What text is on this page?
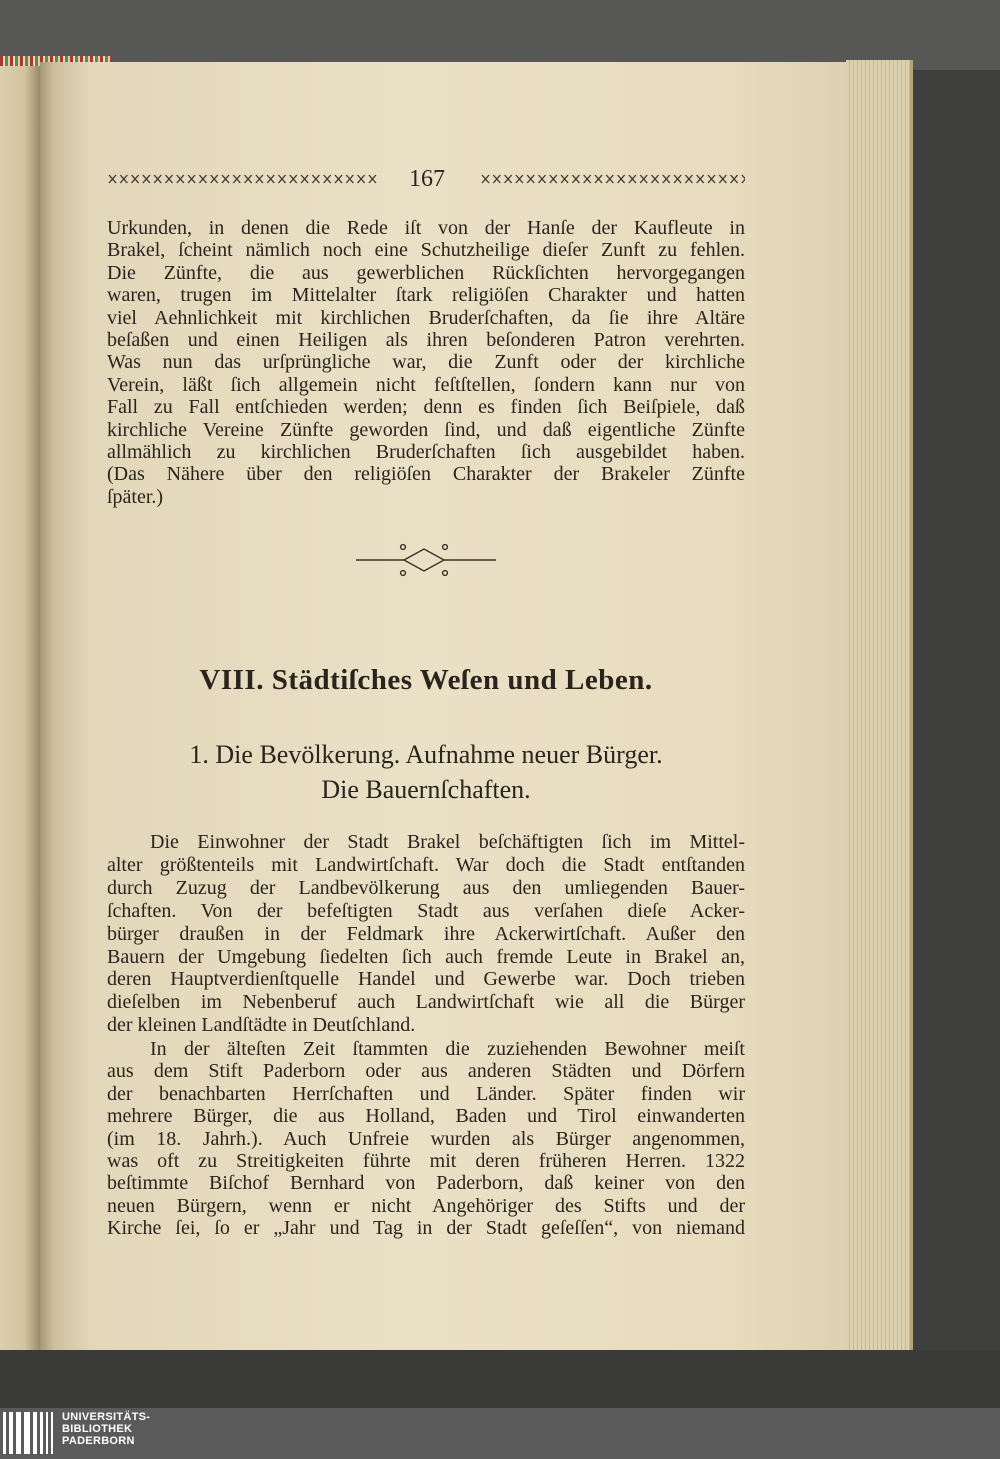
167
Urkunden, in denen die Rede iſt von der Hanſe der Kaufleute in
Brakel, ſcheint nämlich noch eine Schutzheilige dieſer Zunft zu fehlen.
Die Zünfte, die aus gewerblichen Rückſichten hervorgegangen
waren, trugen im Mittelalter ſtark religiöſen Charakter und hatten
viel Aehnlichkeit mit kirchlichen Bruderſchaften, da ſie ihre Altäre
beſaßen und einen Heiligen als ihren beſonderen Patron verehrten.
Was nun das urſprüngliche war, die Zunft oder der kirchliche
Verein, läßt ſich allgemein nicht feſtſtellen, ſondern kann nur von
Fall zu Fall entſchieden werden; denn es finden ſich Beiſpiele, daß
kirchliche Vereine Zünfte geworden ſind, und daß eigentliche Zünfte
allmählich zu kirchlichen Bruderſchaften ſich ausgebildet haben.
(Das Nähere über den religiöſen Charakter der Brakeler Zünfte
ſpäter.)
VIII. Städtiſches Weſen und Leben.
1. Die Bevölkerung. Aufnahme neuer Bürger.
Die Bauernſchaften.
Die Einwohner der Stadt Brakel beſchäftigten ſich im Mittel-
alter größtenteils mit Landwirtſchaft. War doch die Stadt entſtanden
durch Zuzug der Landbevölkerung aus den umliegenden Bauer-
ſchaften. Von der befeſtigten Stadt aus verſahen dieſe Acker-
bürger draußen in der Feldmark ihre Ackerwirtſchaft. Außer den
Bauern der Umgebung ſiedelten ſich auch fremde Leute in Brakel an,
deren Hauptverdienſtquelle Handel und Gewerbe war. Doch trieben
dieſelben im Nebenberuf auch Landwirtſchaft wie all die Bürger
der kleinen Landſtädte in Deutſchland.
In der älteſten Zeit ſtammten die zuziehenden Bewohner meiſt
aus dem Stift Paderborn oder aus anderen Städten und Dörfern
der benachbarten Herrſchaften und Länder. Später finden wir
mehrere Bürger, die aus Holland, Baden und Tirol einwanderten
(im 18. Jahrh.). Auch Unfreie wurden als Bürger angenommen,
was oft zu Streitigkeiten führte mit deren früheren Herren. 1322
beſtimmte Biſchof Bernhard von Paderborn, daß keiner von den
neuen Bürgern, wenn er nicht Angehöriger des Stifts und der
Kirche ſei, ſo er „Jahr und Tag in der Stadt geſeſſen“, von niemand
UNIVERSITÄTS-
BIBLIOTHEK
PADERBORN
